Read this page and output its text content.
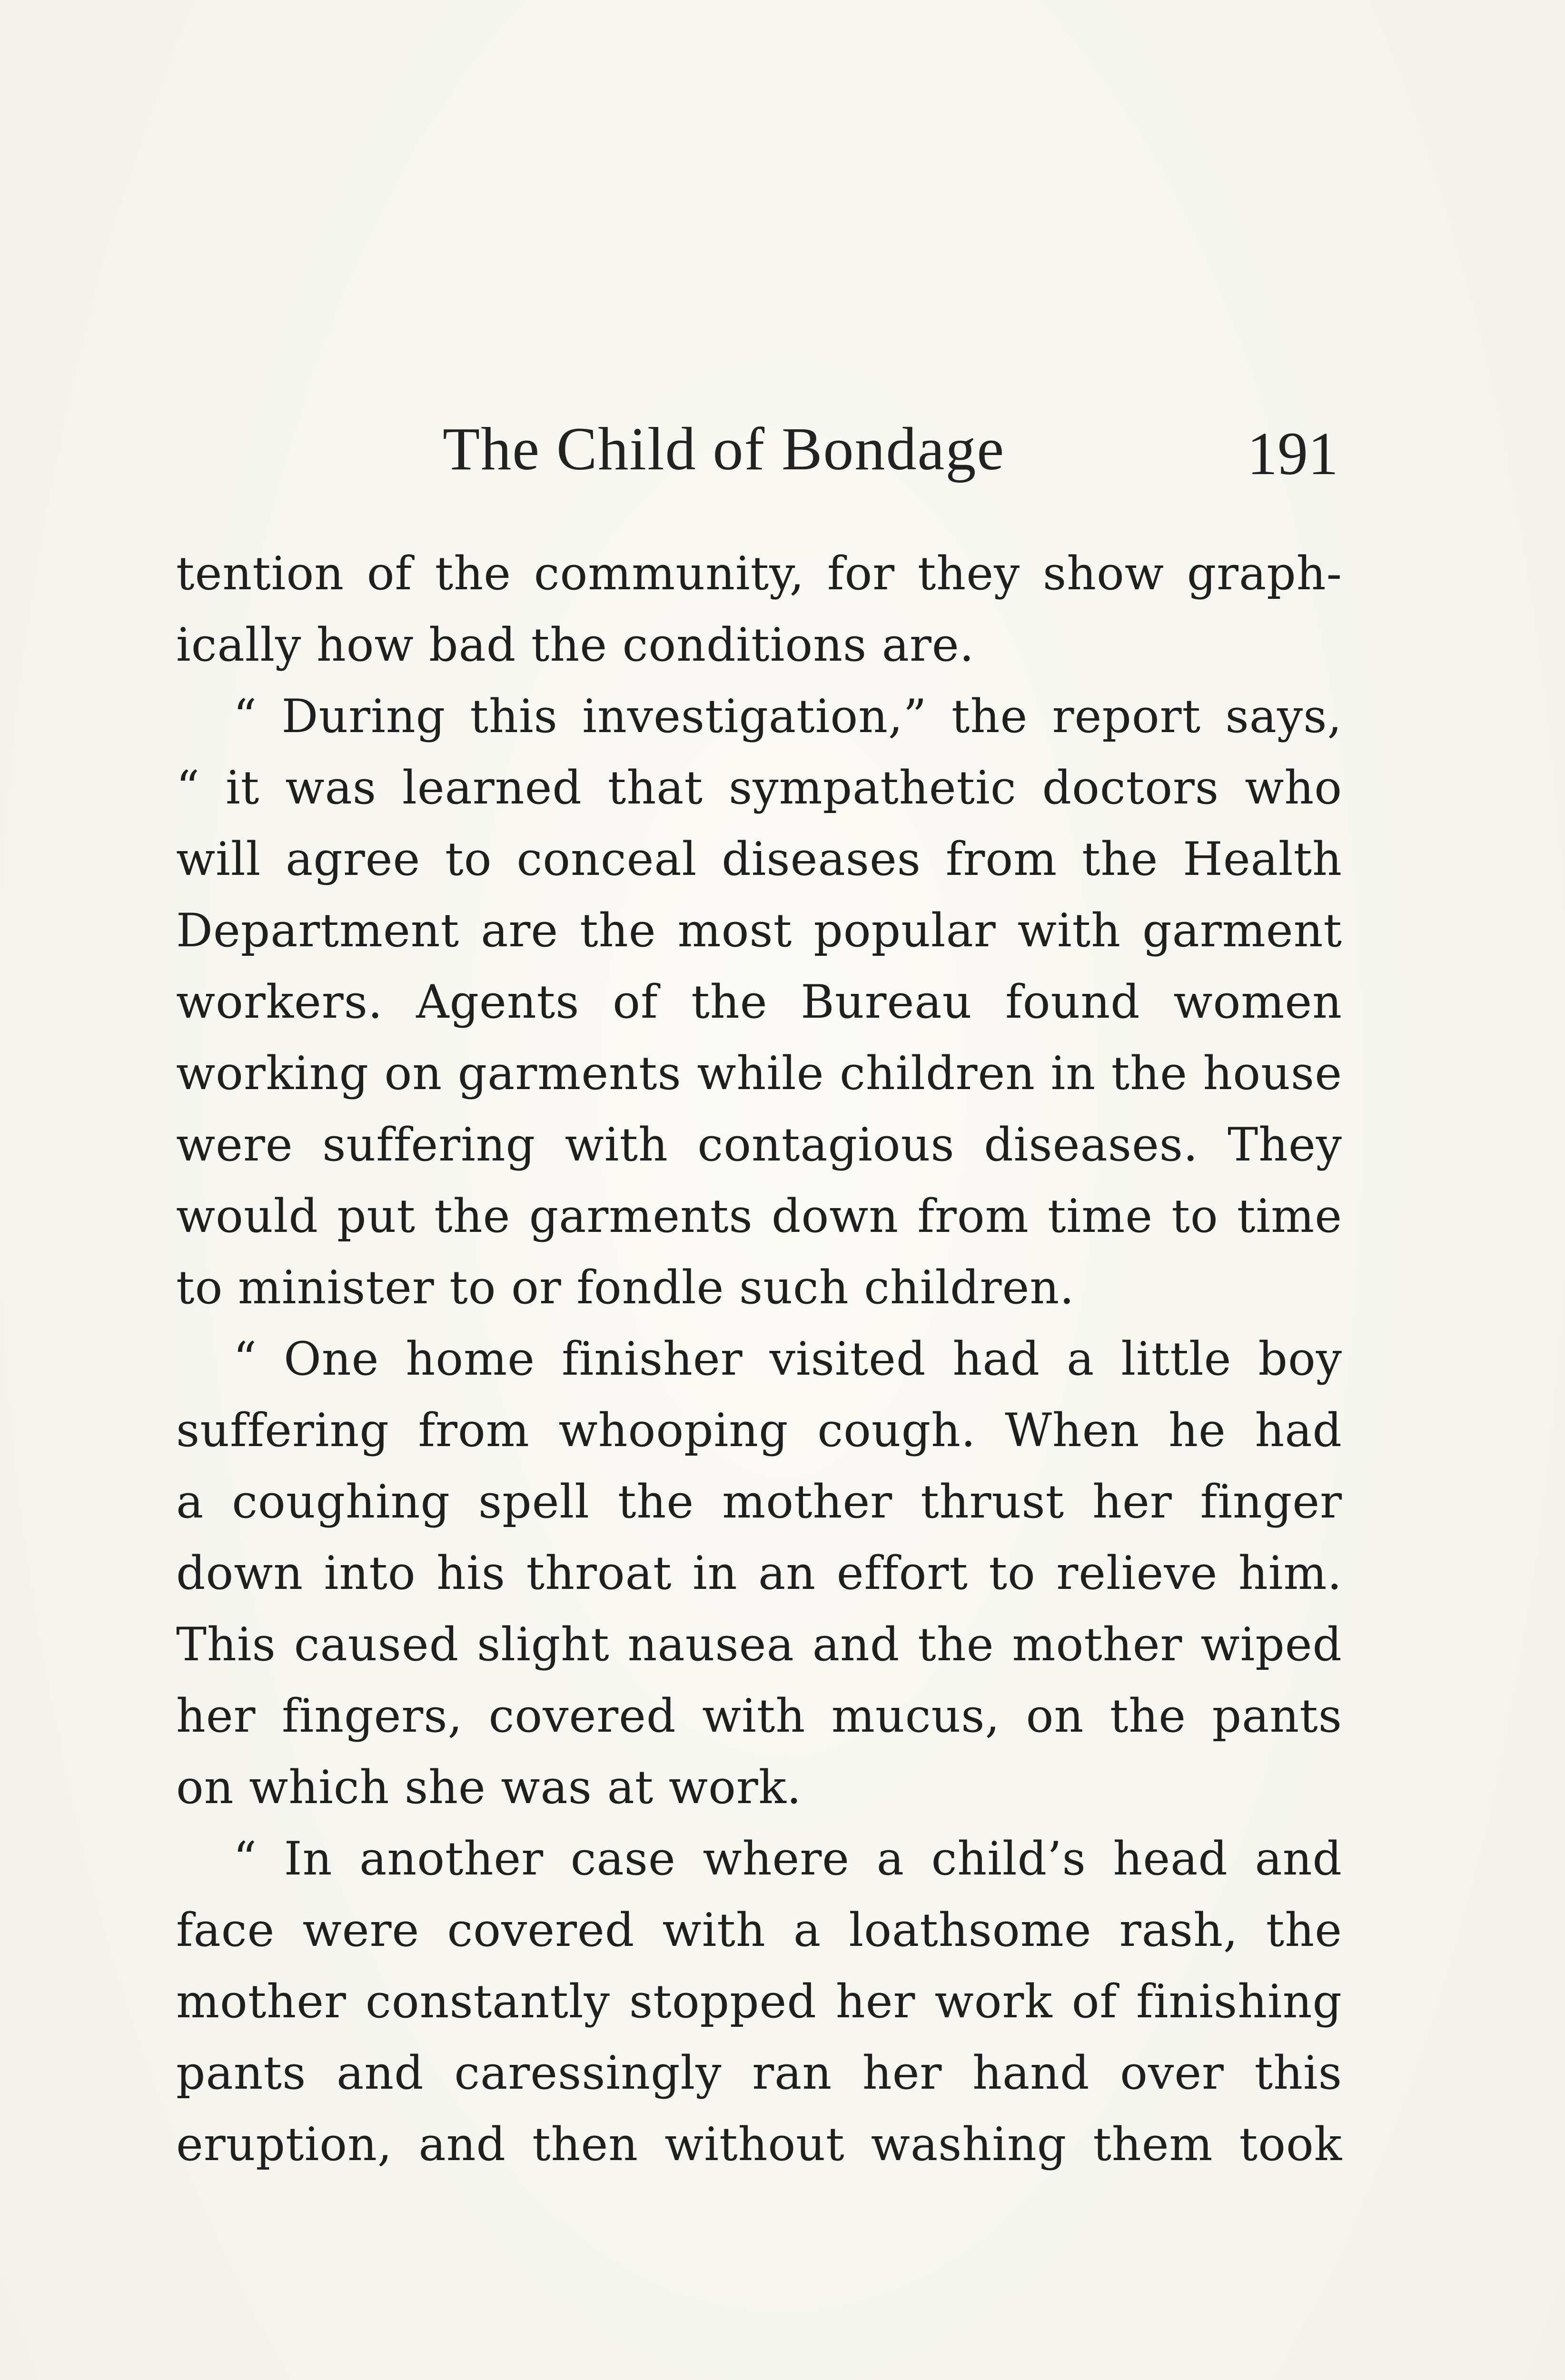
The Child of Bondage	191
tention of the community, for they show graph-
ically how bad the conditions are.
“ During this investigation,” the report says,
“ it was learned that sympathetic doctors who
will agree to conceal diseases from the Health
Department are the most popular with garment
workers. Agents of the Bureau found women
working on garments while children in the house
were suffering with contagious diseases. They
would put the garments down from time to time
to minister to or fondle such children.
“ One home finisher visited had a little boy
suffering from whooping cough. When he had
a coughing spell the mother thrust her finger
down into his throat in an effort to relieve him.
This caused slight nausea and the mother wiped
her fingers, covered with mucus, on the pants
on which she was at work.
“ In another case where a child’s head and
face were covered with a loathsome rash, the
mother constantly stopped her work of finishing
pants and caressingly ran her hand over this
eruption, and then without washing them took
